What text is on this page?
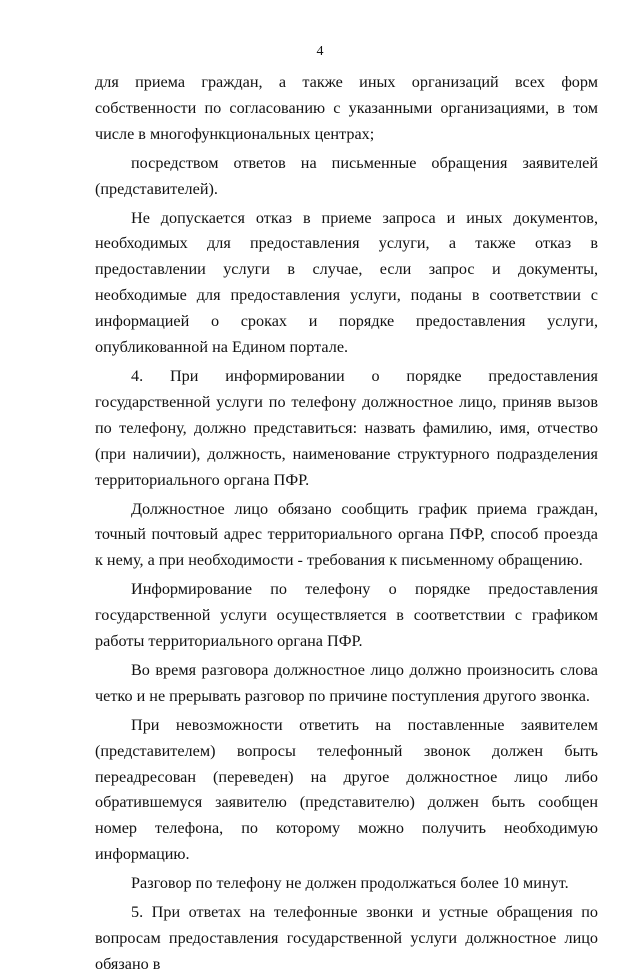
4

для приема граждан, а также иных организаций всех форм собственности по согласованию с указанными организациями, в том числе в многофункциональных центрах;

посредством ответов на письменные обращения заявителей (представителей).

Не допускается отказ в приеме запроса и иных документов, необходимых для предоставления услуги, а также отказ в предоставлении услуги в случае, если запрос и документы, необходимые для предоставления услуги, поданы в соответствии с информацией о сроках и порядке предоставления услуги, опубликованной на Едином портале.

4. При информировании о порядке предоставления государственной услуги по телефону должностное лицо, приняв вызов по телефону, должно представиться: назвать фамилию, имя, отчество (при наличии), должность, наименование структурного подразделения территориального органа ПФР.

Должностное лицо обязано сообщить график приема граждан, точный почтовый адрес территориального органа ПФР, способ проезда к нему, а при необходимости - требования к письменному обращению.

Информирование по телефону о порядке предоставления государственной услуги осуществляется в соответствии с графиком работы территориального органа ПФР.

Во время разговора должностное лицо должно произносить слова четко и не прерывать разговор по причине поступления другого звонка.

При невозможности ответить на поставленные заявителем (представителем) вопросы телефонный звонок должен быть переадресован (переведен) на другое должностное лицо либо обратившемуся заявителю (представителю) должен быть сообщен номер телефона, по которому можно получить необходимую информацию.

Разговор по телефону не должен продолжаться более 10 минут.

5. При ответах на телефонные звонки и устные обращения по вопросам предоставления государственной услуги должностное лицо обязано в
